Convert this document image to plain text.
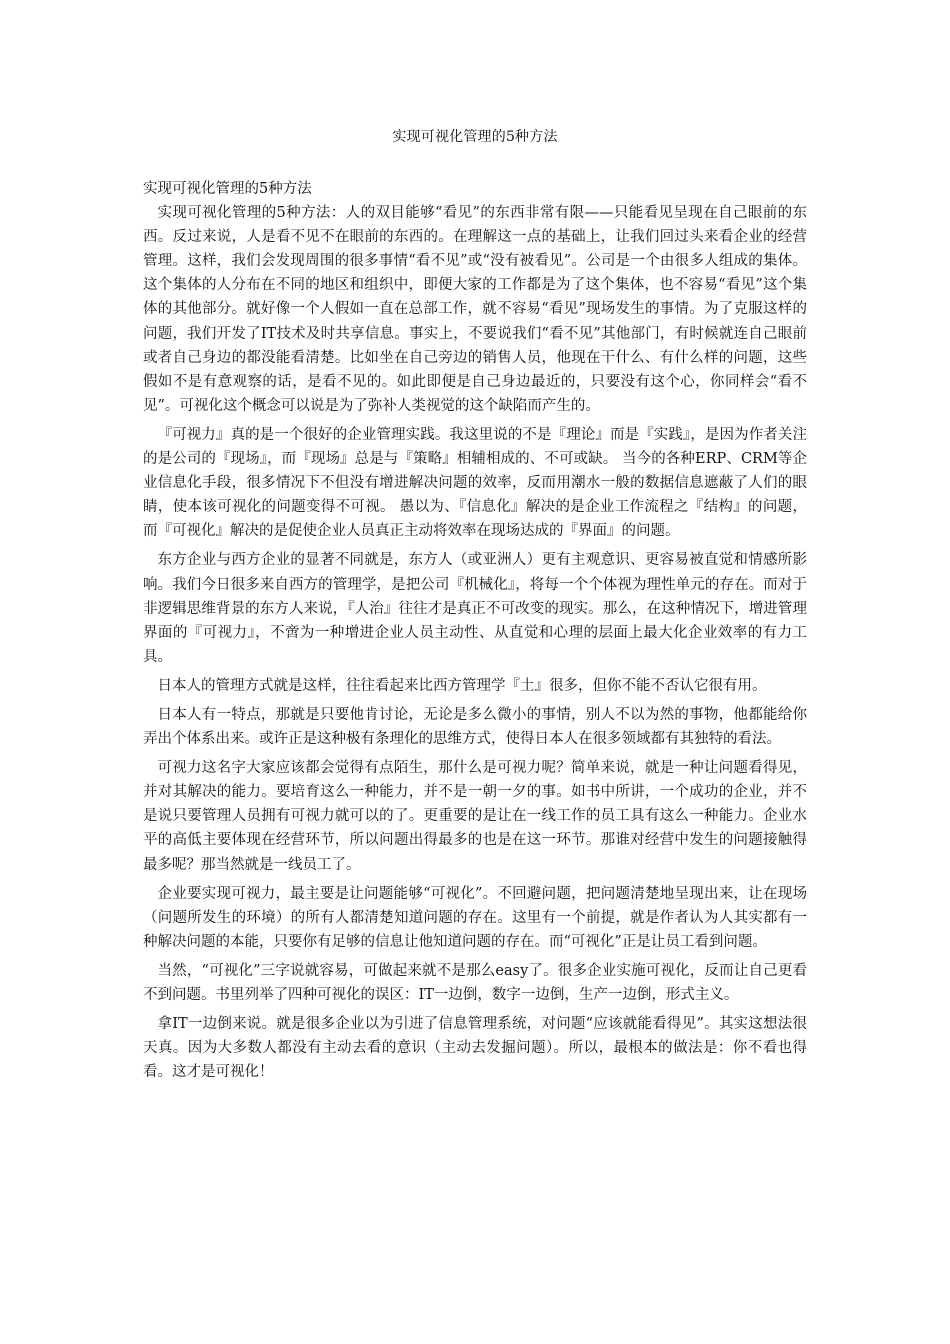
实现可视化管理的5种方法

实现可视化管理的5种方法

实现可视化管理的5种方法：人的双目能够“看见”的东西非常有限——只能看见呈现在自己眼前的东西。反过来说，人是看不见不在眼前的东西的。在理解这一点的基础上，让我们回过头来看企业的经营管理。这样，我们会发现周围的很多事情“看不见”或“没有被看见”。公司是一个由很多人组成的集体。这个集体的人分布在不同的地区和组织中，即便大家的工作都是为了这个集体，也不容易“看见”这个集体的其他部分。就好像一个人假如一直在总部工作，就不容易“看见”现场发生的事情。为了克服这样的问题，我们开发了IT技术及时共享信息。事实上，不要说我们“看不见”其他部门，有时候就连自己眼前或者自己身边的都没能看清楚。比如坐在自己旁边的销售人员，他现在干什么、有什么样的问题，这些假如不是有意观察的话，是看不见的。如此即便是自己身边最近的，只要没有这个心，你同样会“看不见”。可视化这个概念可以说是为了弥补人类视觉的这个缺陷而产生的。

『可视力』真的是一个很好的企业管理实践。我这里说的不是『理论』而是『实践』，是因为作者关注的是公司的『现场』，而『现场』总是与『策略』相辅相成的、不可或缺。 当今的各种ERP、CRM等企业信息化手段，很多情况下不但没有增进解决问题的效率，反而用潮水一般的数据信息遮蔽了人们的眼睛，使本该可视化的问题变得不可视。 愚以为、『信息化』解决的是企业工作流程之『结构』的问题，而『可视化』解决的是促使企业人员真正主动将效率在现场达成的『界面』的问题。

东方企业与西方企业的显著不同就是，东方人（或亚洲人）更有主观意识、更容易被直觉和情感所影响。我们今日很多来自西方的管理学，是把公司『机械化』，将每一个个体视为理性单元的存在。而对于非逻辑思维背景的东方人来说，『人治』往往才是真正不可改变的现实。那么，在这种情况下，增进管理界面的『可视力』，不啻为一种增进企业人员主动性、从直觉和心理的层面上最大化企业效率的有力工具。

日本人的管理方式就是这样，往往看起来比西方管理学『土』很多，但你不能不否认它很有用。

日本人有一特点，那就是只要他肯讨论，无论是多么微小的事情，别人不以为然的事物，他都能给你弄出个体系出来。或许正是这种极有条理化的思维方式，使得日本人在很多领域都有其独特的看法。

可视力这名字大家应该都会觉得有点陌生，那什么是可视力呢？简单来说，就是一种让问题看得见，并对其解决的能力。要培育这么一种能力，并不是一朝一夕的事。如书中所讲，一个成功的企业，并不是说只要管理人员拥有可视力就可以的了。更重要的是让在一线工作的员工具有这么一种能力。企业水平的高低主要体现在经营环节，所以问题出得最多的也是在这一环节。那谁对经营中发生的问题接触得最多呢？那当然就是一线员工了。

企业要实现可视力，最主要是让问题能够“可视化”。不回避问题，把问题清楚地呈现出来，让在现场（问题所发生的环境）的所有人都清楚知道问题的存在。这里有一个前提，就是作者认为人其实都有一种解决问题的本能，只要你有足够的信息让他知道问题的存在。而“可视化”正是让员工看到问题。

当然，“可视化”三字说就容易，可做起来就不是那么easy了。很多企业实施可视化，反而让自己更看不到问题。书里列举了四种可视化的误区：IT一边倒，数字一边倒，生产一边倒，形式主义。

拿IT一边倒来说。就是很多企业以为引进了信息管理系统，对问题“应该就能看得见”。其实这想法很天真。因为大多数人都没有主动去看的意识（主动去发掘问题）。所以，最根本的做法是：你不看也得看。这才是可视化！
